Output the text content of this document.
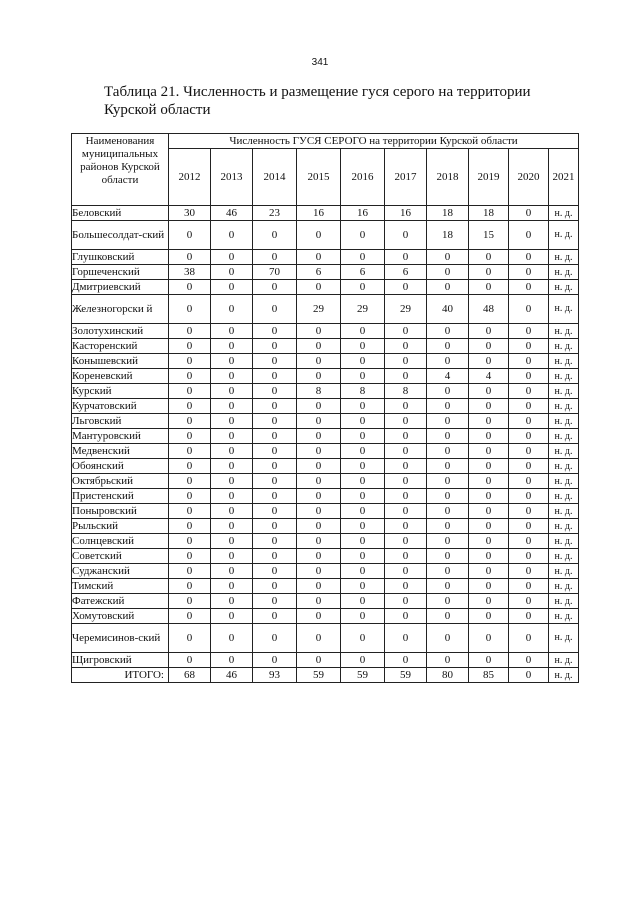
341
Таблица 21. Численность и размещение гуся серого на территории Курской области
Наименования муниципальных районов Курской области	Численность ГУСЯ СЕРОГО на территории Курской области									
	2012	2013	2014	2015	2016	2017	2018	2019	2020	2021
Беловский	30	46	23	16	16	16	18	18	0	н. д.
Большесолдат-ский	0	0	0	0	0	0	18	15	0	н. д.
Глушковский	0	0	0	0	0	0	0	0	0	н. д.
Горшеченский	38	0	70	6	6	6	0	0	0	н. д.
Дмитриевский	0	0	0	0	0	0	0	0	0	н. д.
Железногорски й	0	0	0	29	29	29	40	48	0	н. д.
Золотухинский	0	0	0	0	0	0	0	0	0	н. д.
Касторенский	0	0	0	0	0	0	0	0	0	н. д.
Конышевский	0	0	0	0	0	0	0	0	0	н. д.
Кореневский	0	0	0	0	0	0	4	4	0	н. д.
Курский	0	0	0	8	8	8	0	0	0	н. д.
Курчатовский	0	0	0	0	0	0	0	0	0	н. д.
Льговский	0	0	0	0	0	0	0	0	0	н. д.
Мантуровский	0	0	0	0	0	0	0	0	0	н. д.
Медвенский	0	0	0	0	0	0	0	0	0	н. д.
Обоянский	0	0	0	0	0	0	0	0	0	н. д.
Октябрьский	0	0	0	0	0	0	0	0	0	н. д.
Пристенский	0	0	0	0	0	0	0	0	0	н. д.
Поныровский	0	0	0	0	0	0	0	0	0	н. д.
Рыльский	0	0	0	0	0	0	0	0	0	н. д.
Солнцевский	0	0	0	0	0	0	0	0	0	н. д.
Советский	0	0	0	0	0	0	0	0	0	н. д.
Суджанский	0	0	0	0	0	0	0	0	0	н. д.
Тимский	0	0	0	0	0	0	0	0	0	н. д.
Фатежский	0	0	0	0	0	0	0	0	0	н. д.
Хомутовский	0	0	0	0	0	0	0	0	0	н. д.
Черемисинов-ский	0	0	0	0	0	0	0	0	0	н. д.
Щигровский	0	0	0	0	0	0	0	0	0	н. д.
ИТОГО:	68	46	93	59	59	59	80	85	0	н. д.
